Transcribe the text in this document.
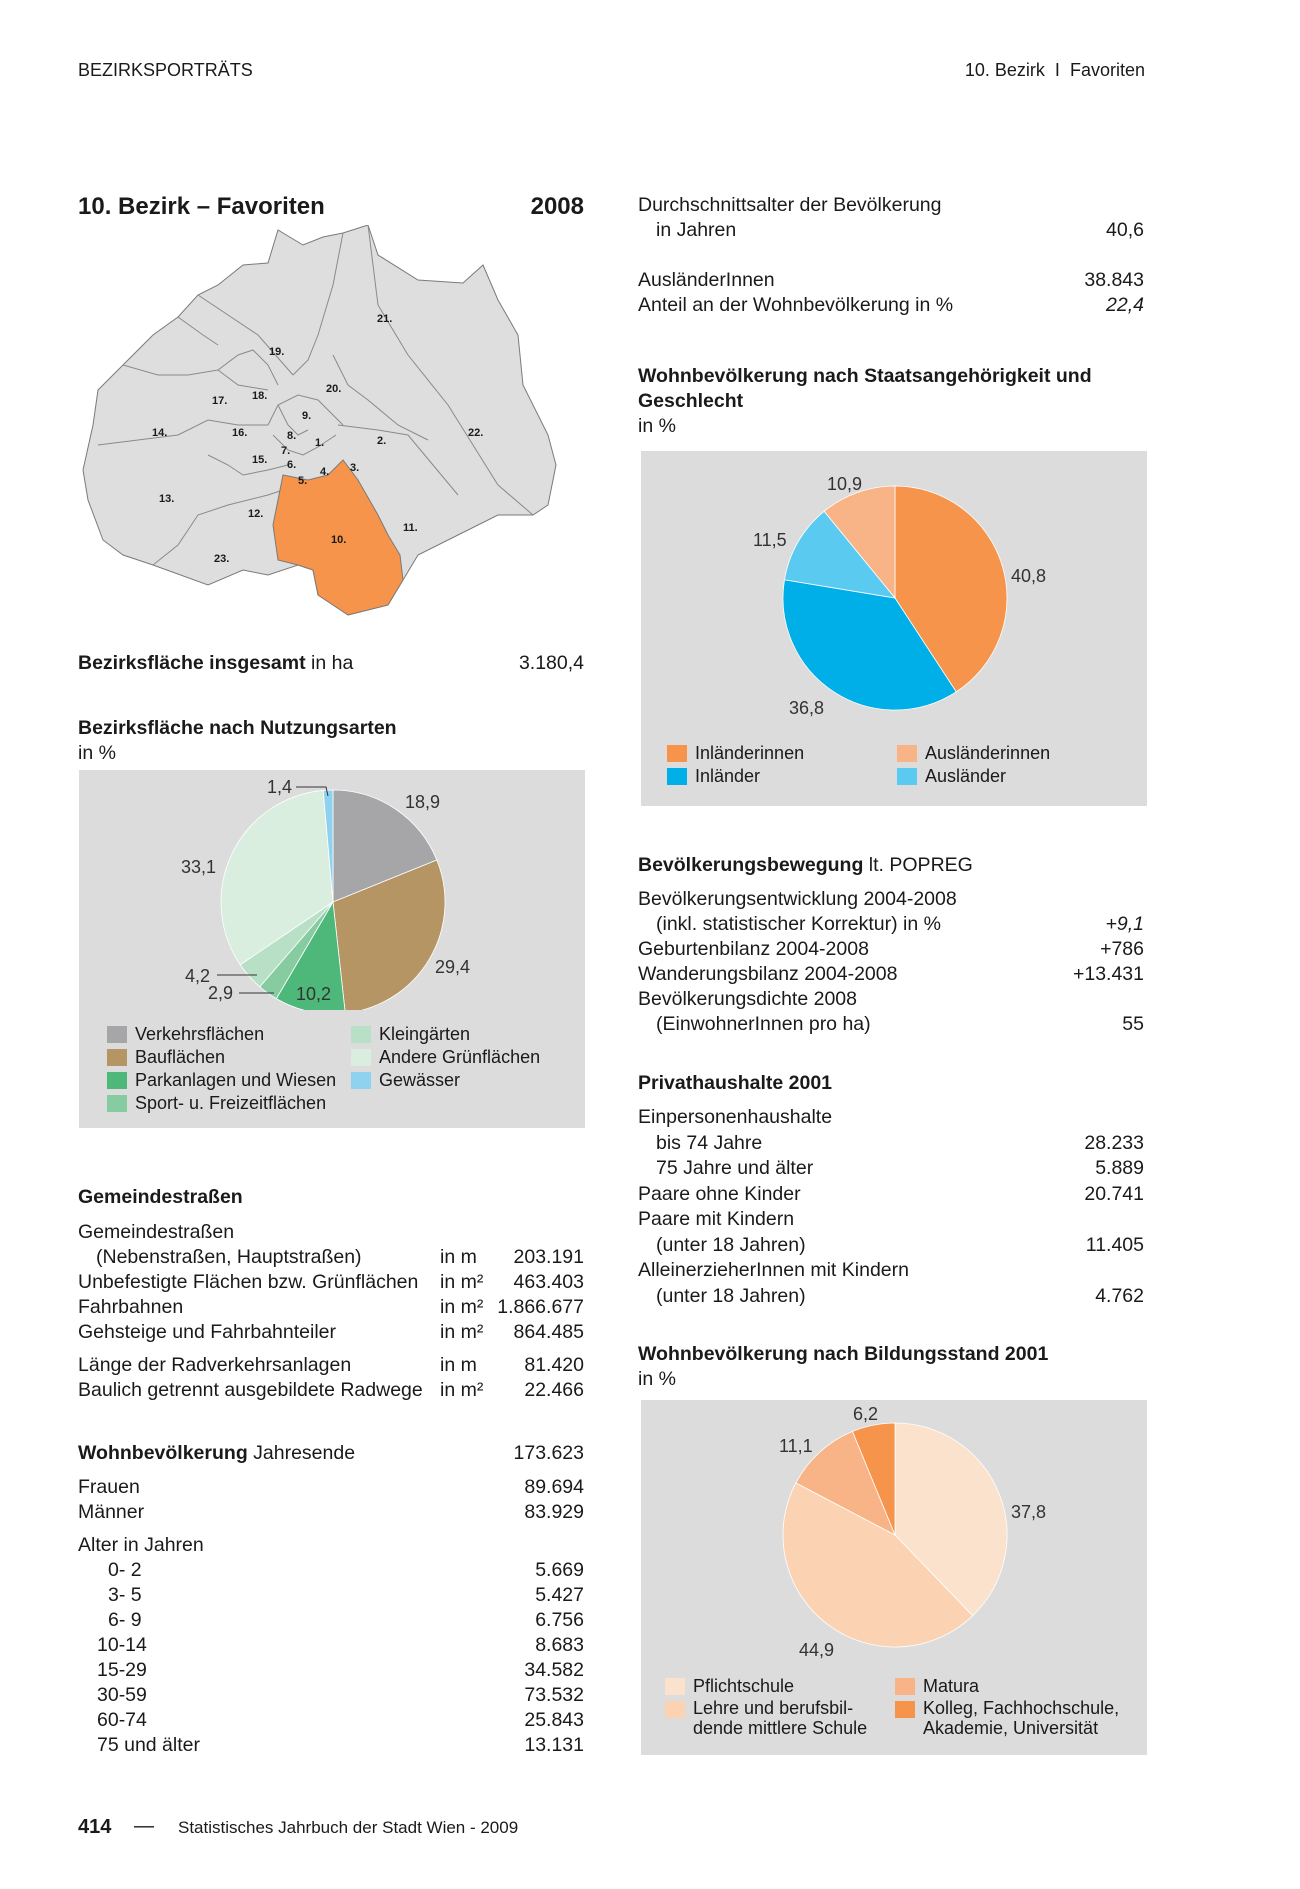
BEZIRKSPORTRÄTS	10. Bezirk I Favoriten
10. Bezirk – Favoriten	2008
21.
19.
20.
17. 18.
9.
14.	16.	8.
1.	2.
22.
7.
15. 6.
4. 3.
5.
13.
12.
10.
11.
23.
Bezirksfläche insgesamt in ha	3.180,4
Bezirksfläche nach Nutzungsarten
in %
18,9
29,4
10,2
2,9
4,2
33,1
1,4
Verkehrsflächen
Bauflächen
Parkanlagen und Wiesen
Sport- u. Freizeitflächen
Kleingärten
Andere Grünflächen
Gewässer
Gemeindestraßen
Gemeindestraßen
(Nebenstraßen, Hauptstraßen)	in m	203.191
Unbefestigte Flächen bzw. Grünflächen in m²	463.403
Fahrbahnen	in m² 1.866.677
Gehsteige und Fahrbahnteiler	in m²	864.485
Länge der Radverkehrsanlagen	in m	81.420
Baulich getrennt ausgebildete Radwege in m²	22.466
Wohnbevölkerung Jahresende	173.623
Frauen	89.694
Männer	83.929
Alter in Jahren
0- 2	5.669
3- 5	5.427
6- 9	6.756
10-14	8.683
15-29	34.582
30-59	73.532
60-74	25.843
75 und älter	13.131
Durchschnittsalter der Bevölkerung
in Jahren	40,6
AusländerInnen	38.843
Anteil an der Wohnbevölkerung in %	22,4
Wohnbevölkerung nach Staatsangehörigkeit und
Geschlecht
in %
40,8
36,8
11,5
10,9
Inländerinnen	Ausländerinnen
Inländer	Ausländer
Bevölkerungsbewegung lt. POPREG
Bevölkerungsentwicklung 2004-2008
(inkl. statistischer Korrektur) in %	+9,1
Geburtenbilanz 2004-2008	+786
Wanderungsbilanz 2004-2008	+13.431
Bevölkerungsdichte 2008
(EinwohnerInnen pro ha)	55
Privathaushalte 2001
Einpersonenhaushalte
bis 74 Jahre	28.233
75 Jahre und älter	5.889
Paare ohne Kinder	20.741
Paare mit Kindern
(unter 18 Jahren)	11.405
AlleinerzieherInnen mit Kindern
(unter 18 Jahren)	4.762
Wohnbevölkerung nach Bildungsstand 2001
in %
37,8
44,9
11,1
6,2
Pflichtschule	Matura
Lehre und berufsbil-
dende mittlere Schule
Kolleg, Fachhochschule,
Akademie, Universität
414 — Statistisches Jahrbuch der Stadt Wien - 2009
